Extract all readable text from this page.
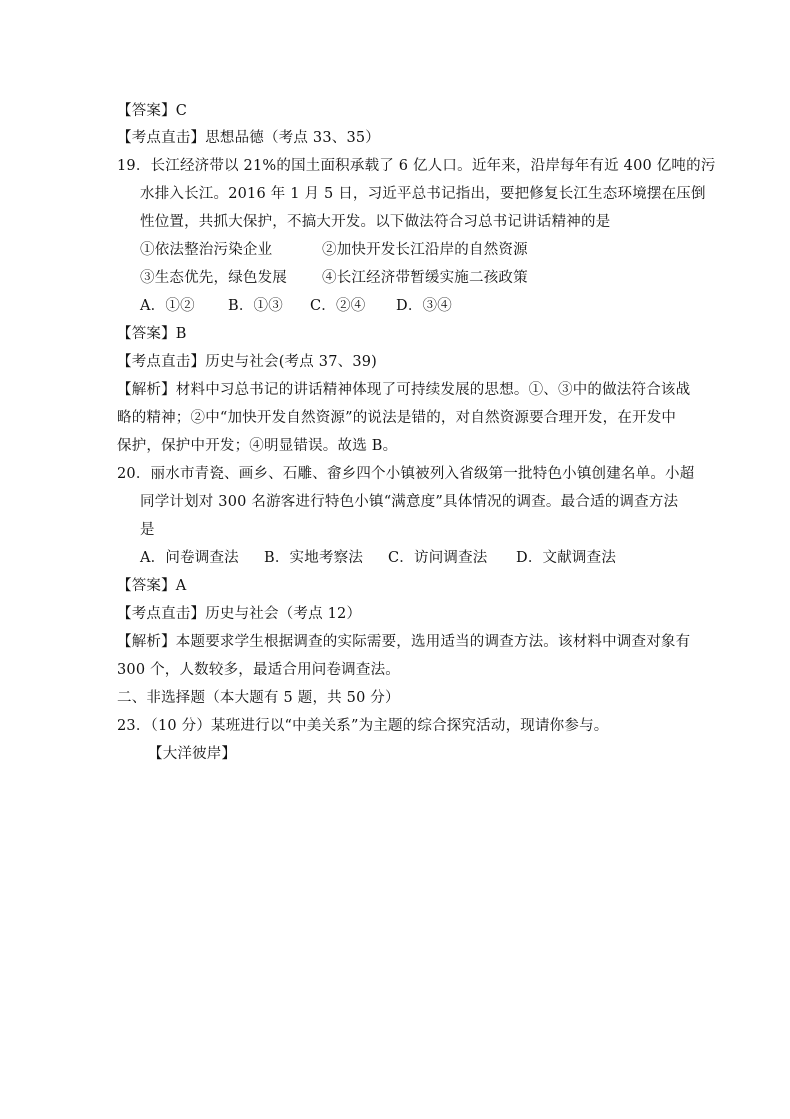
【答案】C
【考点直击】思想品德（考点 33、35）
19．长江经济带以 21%的国土面积承载了 6 亿人口。近年来，沿岸每年有近 400 亿吨的污
水排入长江。2016 年 1 月 5 日，习近平总书记指出，要把修复长江生态环境摆在压倒
性位置，共抓大保护，不搞大开发。以下做法符合习总书记讲话精神的是
①依法整治污染企业	②加快开发长江沿岸的自然资源
③生态优先，绿色发展 ④长江经济带暂缓实施二孩政策
A．①② B．①③ C．②④ D．③④
【答案】B
【考点直击】历史与社会(考点 37、39)
【解析】材料中习总书记的讲话精神体现了可持续发展的思想。①、③中的做法符合该战
略的精神；②中“加快开发自然资源”的说法是错的，对自然资源要合理开发，在开发中
保护，保护中开发；④明显错误。故选 B。
20．丽水市青瓷、画乡、石雕、畲乡四个小镇被列入省级第一批特色小镇创建名单。小超
同学计划对 300 名游客进行特色小镇“满意度”具体情况的调查。最合适的调查方法
是
A．问卷调查法 B．实地考察法 C．访问调查法 D．文献调查法
【答案】A
【考点直击】历史与社会（考点 12）
【解析】本题要求学生根据调查的实际需要，选用适当的调查方法。该材料中调查对象有
300 个，人数较多，最适合用问卷调查法。
二、非选择题（本大题有 5 题，共 50 分）
23．（10 分）某班进行以“中美关系”为主题的综合探究活动，现请你参与。
【大洋彼岸】
